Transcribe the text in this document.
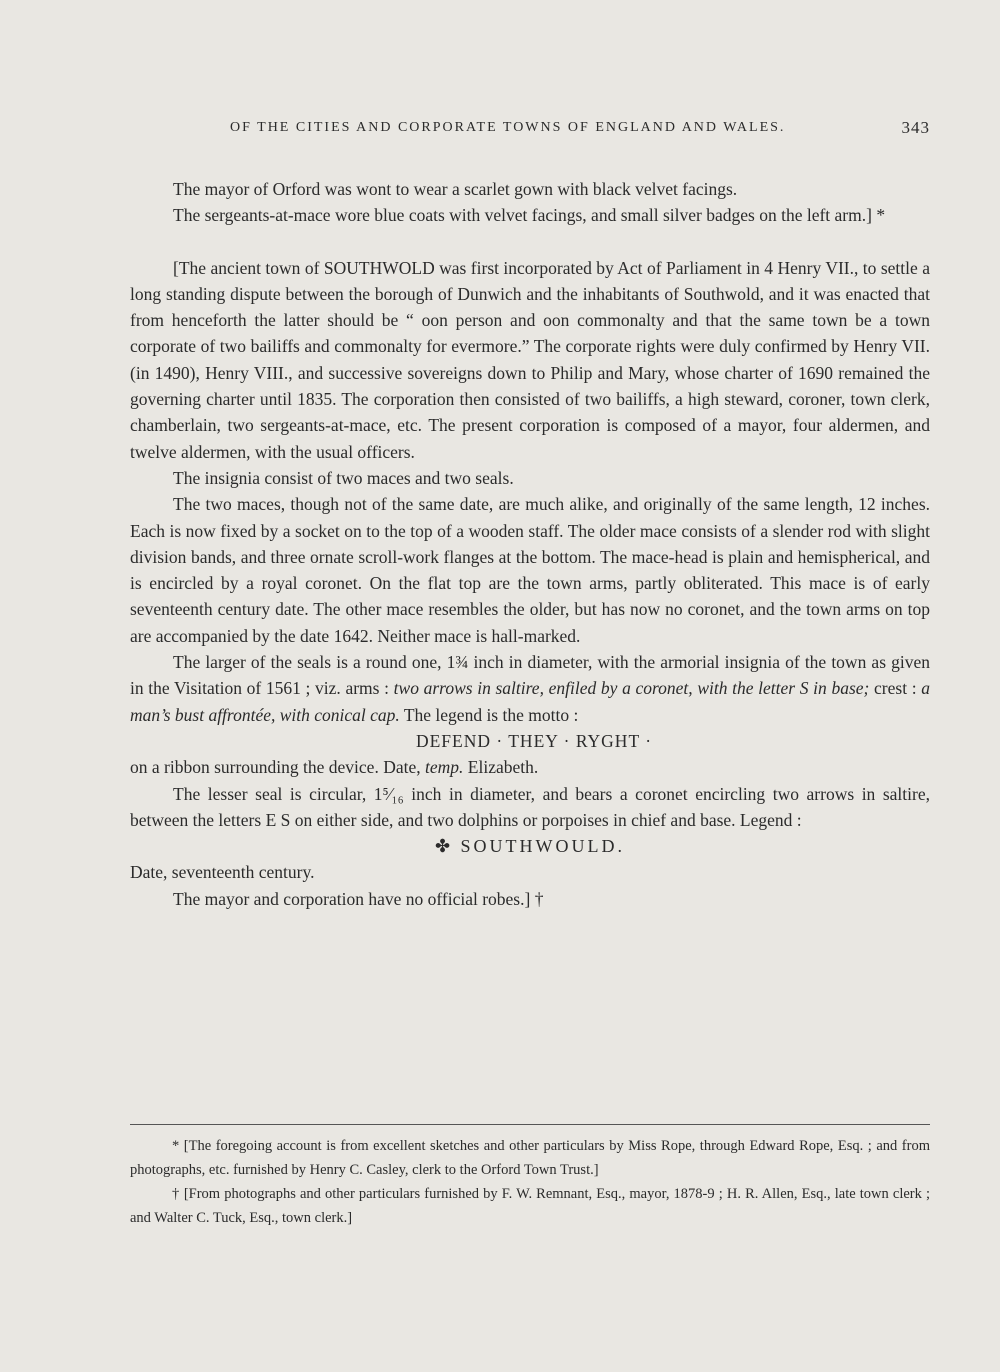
OF THE CITIES AND CORPORATE TOWNS OF ENGLAND AND WALES.	343

The mayor of Orford was wont to wear a scarlet gown with black velvet facings.

The sergeants-at-mace wore blue coats with velvet facings, and small silver badges on the left arm.] *

[The ancient town of SOUTHWOLD was first incorporated by Act of Parliament in 4 Henry VII., to settle a long standing dispute between the borough of Dunwich and the inhabitants of Southwold, and it was enacted that from henceforth the latter should be “ oon person and oon commonalty and that the same town be a town corporate of two bailiffs and commonalty for evermore.” The corporate rights were duly confirmed by Henry VII. (in 1490), Henry VIII., and successive sovereigns down to Philip and Mary, whose charter of 1690 remained the governing charter until 1835. The corporation then consisted of two bailiffs, a high steward, coroner, town clerk, chamberlain, two sergeants-at-mace, etc. The present corporation is composed of a mayor, four aldermen, and twelve aldermen, with the usual officers.

The insignia consist of two maces and two seals.

The two maces, though not of the same date, are much alike, and originally of the same length, 12 inches. Each is now fixed by a socket on to the top of a wooden staff. The older mace consists of a slender rod with slight division bands, and three ornate scroll-work flanges at the bottom. The mace-head is plain and hemispherical, and is encircled by a royal coronet. On the flat top are the town arms, partly obliterated. This mace is of early seventeenth century date. The other mace resembles the older, but has now no coronet, and the town arms on top are accompanied by the date 1642. Neither mace is hall-marked.

The larger of the seals is a round one, 1¾ inch in diameter, with the armorial insignia of the town as given in the Visitation of 1561 ; viz. arms : two arrows in saltire, enfiled by a coronet, with the letter S in base; crest : a man’s bust affrontée, with conical cap. The legend is the motto :

DEFEND · THEY · RYGHT ·

on a ribbon surrounding the device. Date, temp. Elizabeth.

The lesser seal is circular, 1⁵⁄₁₆ inch in diameter, and bears a coronet encircling two arrows in saltire, between the letters E S on either side, and two dolphins or porpoises in chief and base. Legend :

✤ SOUTHWOULD.

Date, seventeenth century.

The mayor and corporation have no official robes.] †

* [The foregoing account is from excellent sketches and other particulars by Miss Rope, through Edward Rope, Esq. ; and from photographs, etc. furnished by Henry C. Casley, clerk to the Orford Town Trust.]

† [From photographs and other particulars furnished by F. W. Remnant, Esq., mayor, 1878-9 ; H. R. Allen, Esq., late town clerk ; and Walter C. Tuck, Esq., town clerk.]
